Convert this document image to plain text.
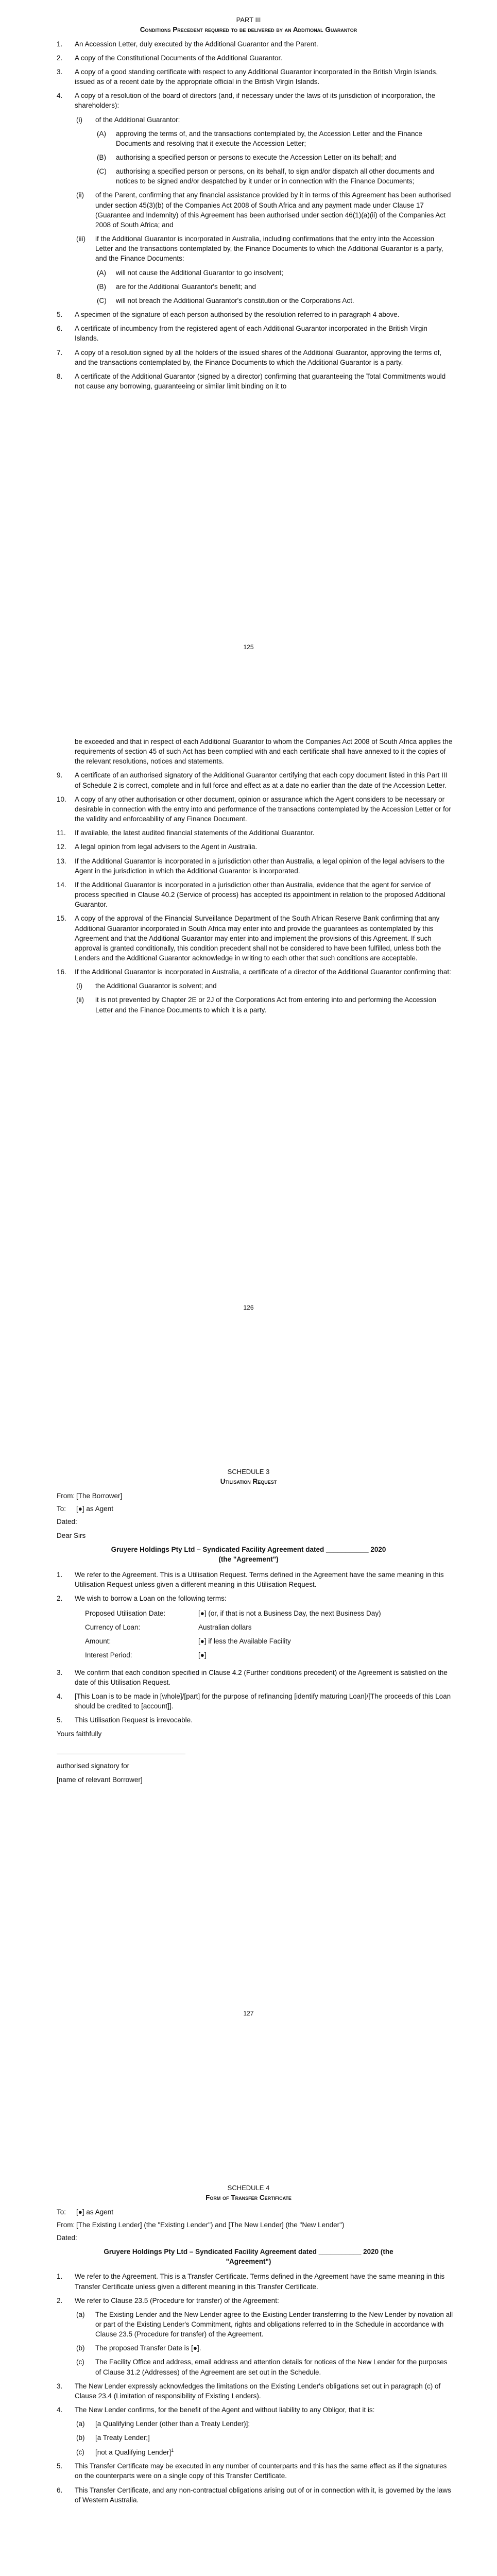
PART III
Conditions Precedent required to be delivered by an Additional Guarantor
1. An Accession Letter, duly executed by the Additional Guarantor and the Parent.
2. A copy of the Constitutional Documents of the Additional Guarantor.
3. A copy of a good standing certificate with respect to any Additional Guarantor incorporated in the British Virgin Islands, issued as of a recent date by the appropriate official in the British Virgin Islands.
4. A copy of a resolution of the board of directors (and, if necessary under the laws of its jurisdiction of incorporation, the shareholders):
(i) of the Additional Guarantor:
(A) approving the terms of, and the transactions contemplated by, the Accession Letter and the Finance Documents and resolving that it execute the Accession Letter;
(B) authorising a specified person or persons to execute the Accession Letter on its behalf; and
(C) authorising a specified person or persons, on its behalf, to sign and/or dispatch all other documents and notices to be signed and/or despatched by it under or in connection with the Finance Documents;
(ii) of the Parent, confirming that any financial assistance provided by it in terms of this Agreement has been authorised under section 45(3)(b) of the Companies Act 2008 of South Africa and any payment made under Clause 17 (Guarantee and Indemnity) of this Agreement has been authorised under section 46(1)(a)(ii) of the Companies Act 2008 of South Africa; and
(iii) if the Additional Guarantor is incorporated in Australia, including confirmations that the entry into the Accession Letter and the transactions contemplated by, the Finance Documents to which the Additional Guarantor is a party, and the Finance Documents:
(A) will not cause the Additional Guarantor to go insolvent;
(B) are for the Additional Guarantor's benefit; and
(C) will not breach the Additional Guarantor's constitution or the Corporations Act.
5. A specimen of the signature of each person authorised by the resolution referred to in paragraph 4 above.
6. A certificate of incumbency from the registered agent of each Additional Guarantor incorporated in the British Virgin Islands.
7. A copy of a resolution signed by all the holders of the issued shares of the Additional Guarantor, approving the terms of, and the transactions contemplated by, the Finance Documents to which the Additional Guarantor is a party.
8. A certificate of the Additional Guarantor (signed by a director) confirming that guaranteeing the Total Commitments would not cause any borrowing, guaranteeing or similar limit binding on it to
125
be exceeded and that in respect of each Additional Guarantor to whom the Companies Act 2008 of South Africa applies the requirements of section 45 of such Act has been complied with and each certificate shall have annexed to it the copies of the relevant resolutions, notices and statements.
9. A certificate of an authorised signatory of the Additional Guarantor certifying that each copy document listed in this Part III of Schedule 2 is correct, complete and in full force and effect as at a date no earlier than the date of the Accession Letter.
10. A copy of any other authorisation or other document, opinion or assurance which the Agent considers to be necessary or desirable in connection with the entry into and performance of the transactions contemplated by the Accession Letter or for the validity and enforceability of any Finance Document.
11. If available, the latest audited financial statements of the Additional Guarantor.
12. A legal opinion from legal advisers to the Agent in Australia.
13. If the Additional Guarantor is incorporated in a jurisdiction other than Australia, a legal opinion of the legal advisers to the Agent in the jurisdiction in which the Additional Guarantor is incorporated.
14. If the Additional Guarantor is incorporated in a jurisdiction other than Australia, evidence that the agent for service of process specified in Clause 40.2 (Service of process) has accepted its appointment in relation to the proposed Additional Guarantor.
15. A copy of the approval of the Financial Surveillance Department of the South African Reserve Bank confirming that any Additional Guarantor incorporated in South Africa may enter into and provide the guarantees as contemplated by this Agreement and that the Additional Guarantor may enter into and implement the provisions of this Agreement. If such approval is granted conditionally, this condition precedent shall not be considered to have been fulfilled, unless both the Lenders and the Additional Guarantor acknowledge in writing to each other that such conditions are acceptable.
16. If the Additional Guarantor is incorporated in Australia, a certificate of a director of the Additional Guarantor confirming that:
(i) the Additional Guarantor is solvent; and
(ii) it is not prevented by Chapter 2E or 2J of the Corporations Act from entering into and performing the Accession Letter and the Finance Documents to which it is a party.
126
SCHEDULE 3
Utilisation Request
From: [The Borrower]
To: [●] as Agent
Dated:
Dear Sirs
Gruyere Holdings Pty Ltd – Syndicated Facility Agreement dated ___________ 2020
(the "Agreement")
1. We refer to the Agreement. This is a Utilisation Request. Terms defined in the Agreement have the same meaning in this Utilisation Request unless given a different meaning in this Utilisation Request.
2. We wish to borrow a Loan on the following terms:
Proposed Utilisation Date:	[●] (or, if that is not a Business Day, the next Business Day)
Currency of Loan:	Australian dollars
Amount:	[●] if less the Available Facility
Interest Period:	[●]
3. We confirm that each condition specified in Clause 4.2 (Further conditions precedent) of the Agreement is satisfied on the date of this Utilisation Request.
4. [This Loan is to be made in [whole]/[part] for the purpose of refinancing [identify maturing Loan]/[The proceeds of this Loan should be credited to [account]].
5. This Utilisation Request is irrevocable.
Yours faithfully
authorised signatory for
[name of relevant Borrower]
127
SCHEDULE 4
Form of Transfer Certificate
To: [●] as Agent
From: [The Existing Lender] (the "Existing Lender") and [The New Lender] (the "New Lender")
Dated:
Gruyere Holdings Pty Ltd – Syndicated Facility Agreement dated ___________ 2020 (the
"Agreement")
1. We refer to the Agreement. This is a Transfer Certificate. Terms defined in the Agreement have the same meaning in this Transfer Certificate unless given a different meaning in this Transfer Certificate.
2. We refer to Clause 23.5 (Procedure for transfer) of the Agreement:
(a) The Existing Lender and the New Lender agree to the Existing Lender transferring to the New Lender by novation all or part of the Existing Lender's Commitment, rights and obligations referred to in the Schedule in accordance with Clause 23.5 (Procedure for transfer) of the Agreement.
(b) The proposed Transfer Date is [●].
(c) The Facility Office and address, email address and attention details for notices of the New Lender for the purposes of Clause 31.2 (Addresses) of the Agreement are set out in the Schedule.
3. The New Lender expressly acknowledges the limitations on the Existing Lender's obligations set out in paragraph (c) of Clause 23.4 (Limitation of responsibility of Existing Lenders).
4. The New Lender confirms, for the benefit of the Agent and without liability to any Obligor, that it is:
(a) [a Qualifying Lender (other than a Treaty Lender)];
(b) [a Treaty Lender;]
(c) [not a Qualifying Lender]$^1$
5. This Transfer Certificate may be executed in any number of counterparts and this has the same effect as if the signatures on the counterparts were on a single copy of this Transfer Certificate.
6. This Transfer Certificate, and any non-contractual obligations arising out of or in connection with it, is governed by the laws of Western Australia.
